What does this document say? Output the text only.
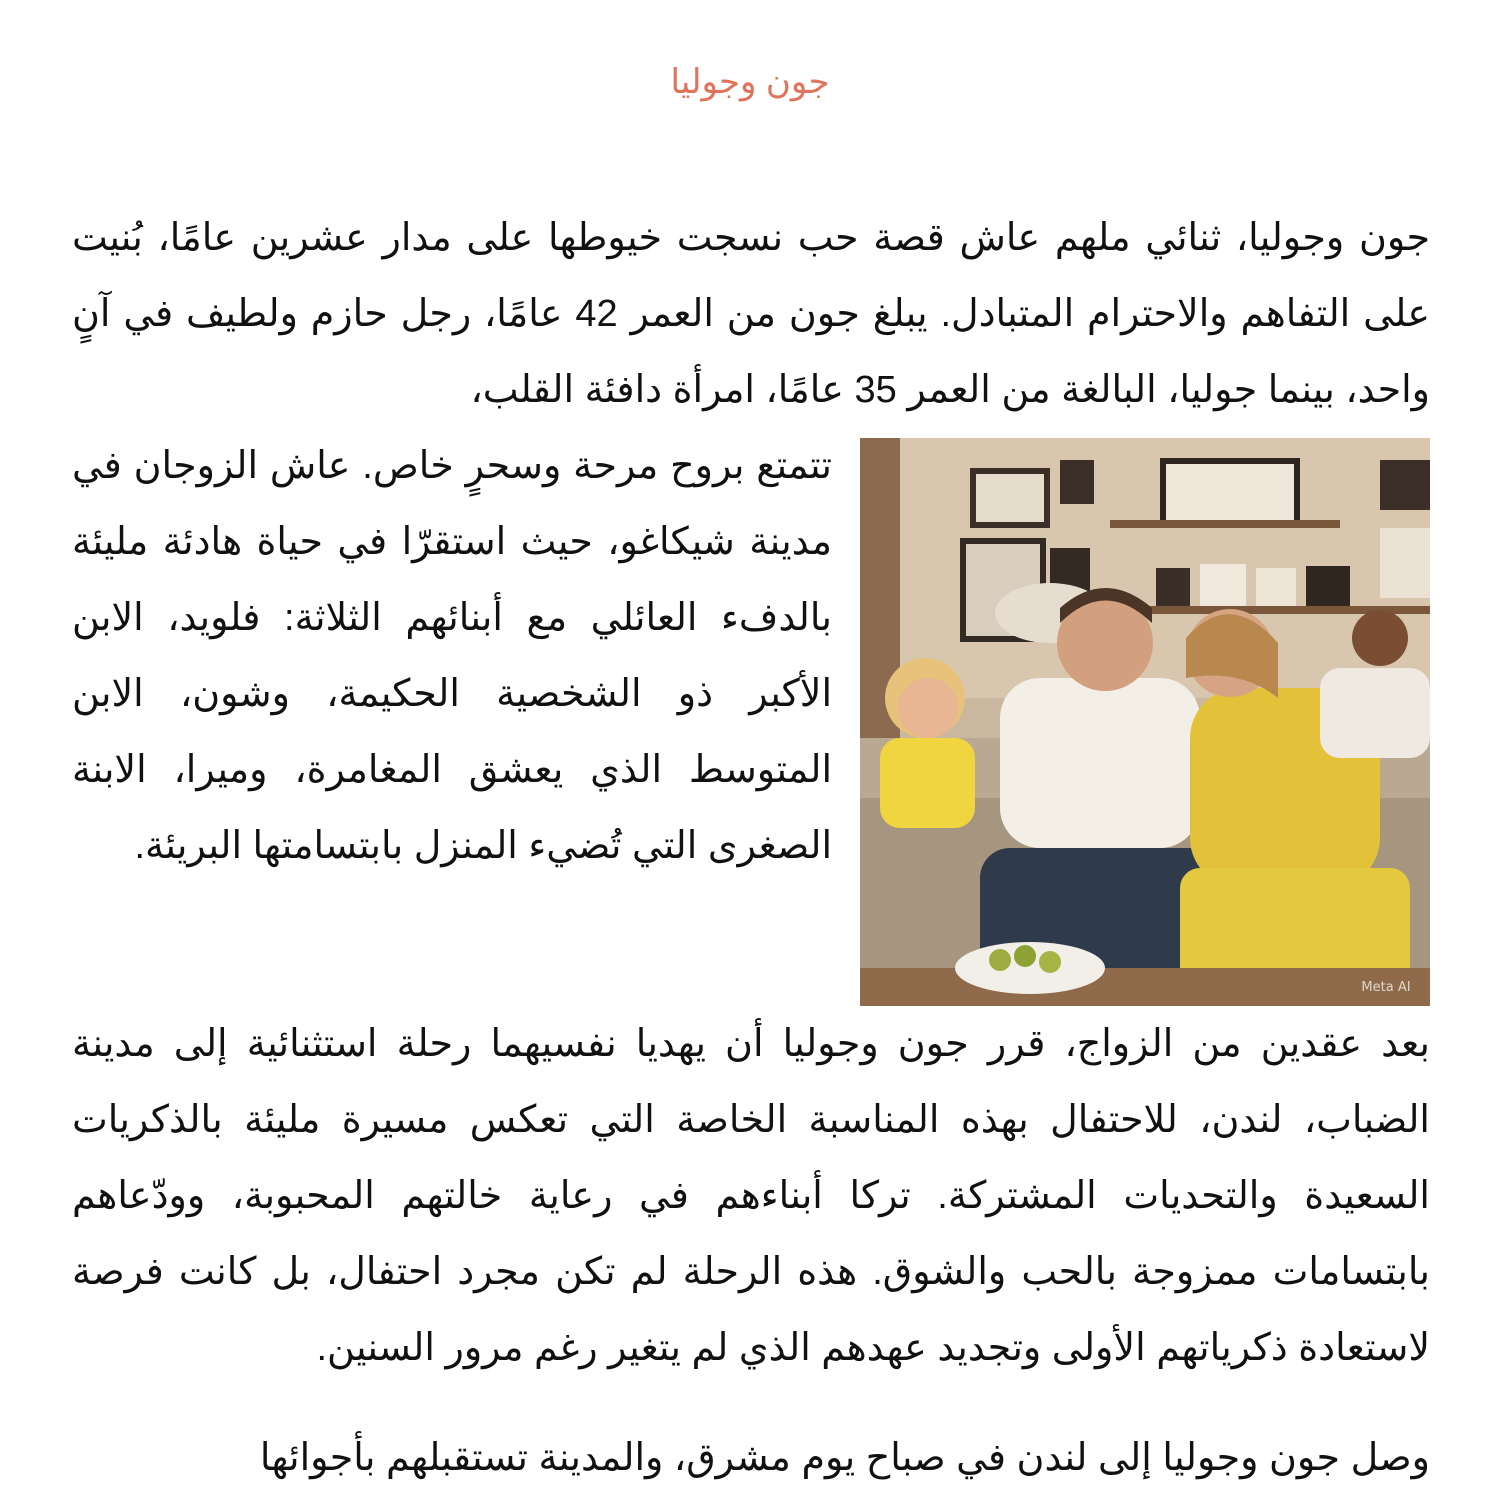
جون وجوليا

جون وجوليا، ثنائي ملهم عاش قصة حب نسجت خيوطها على مدار عشرين عامًا، بُنيت على التفاهم والاحترام المتبادل. يبلغ جون من العمر 42 عامًا، رجل حازم ولطيف في آنٍ واحد، بينما جوليا، البالغة من العمر 35 عامًا، امرأة دافئة القلب،

Meta AI

تتمتع بروح مرحة وسحرٍ خاص. عاش الزوجان في مدينة شيكاغو، حيث استقرّا في حياة هادئة مليئة بالدفء العائلي مع أبنائهم الثلاثة: فلويد، الابن الأكبر ذو الشخصية الحكيمة، وشون، الابن المتوسط الذي يعشق المغامرة، وميرا، الابنة الصغرى التي تُضيء المنزل بابتسامتها البريئة.

بعد عقدين من الزواج، قرر جون وجوليا أن يهديا نفسيهما رحلة استثنائية إلى مدينة الضباب، لندن، للاحتفال بهذه المناسبة الخاصة التي تعكس مسيرة مليئة بالذكريات السعيدة والتحديات المشتركة. تركا أبناءهم في رعاية خالتهم المحبوبة، وودّعاهم بابتسامات ممزوجة بالحب والشوق. هذه الرحلة لم تكن مجرد احتفال، بل كانت فرصة لاستعادة ذكرياتهم الأولى وتجديد عهدهم الذي لم يتغير رغم مرور السنين.

وصل جون وجوليا إلى لندن في صباح يوم مشرق، والمدينة تستقبلهم بأجوائها
